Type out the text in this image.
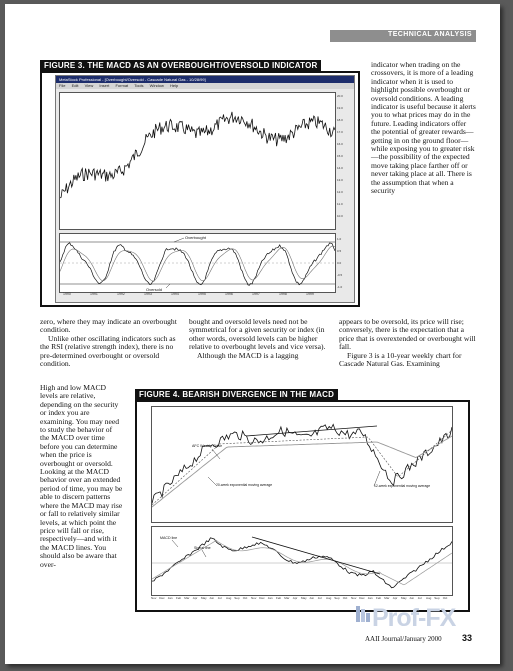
TECHNICAL ANALYSIS
FIGURE 3. THE MACD AS AN OVERBOUGHT/OVERSOLD INDICATOR
MetaStock Professional - [Overbought/Oversold - Cascade Natural Gas - 10/28/99]
File Edit View Insert Format Tools Window Help
20.0
19.0
18.0
17.0
16.0
15.0
14.0
13.0
12.0
11.0
10.0
Overbought
Oversold
1.0
0.5
0.0
-0.5
-1.0
1990	1991	1992	1993	1994	1995	1996	1997	1998	1999

indicator when trading on the crossovers, it is more of a leading indicator when it is used to highlight possible overbought or oversold conditions. A leading indicator is useful because it alerts you to what prices may do in the future. Leading indicators offer the potential of greater rewards—getting in on the ground floor—while exposing you to greater risk—the possibility of the expected move taking place farther off or never taking place at all. There is the assumption that when a security

zero, where they may indicate an overbought condition.

Unlike other oscillating indicators such as the RSI (relative strength index), there is no pre-determined overbought or oversold condition.

High and low MACD levels are relative, depending on the security or index you are examining. You may need to study the behavior of the MACD over time before you can determine when the price is overbought or oversold. Looking at the MACD behavior over an extended period of time, you may be able to discern patterns where the MACD may rise or fall to relatively similar levels, at which point the price will fall or rise, respectively—and with it the MACD lines. You should also be aware that over-

bought and oversold levels need not be symmetrical for a given security or index (in other words, oversold levels can be higher relative to overbought levels and vice versa).

Although the MACD is a lagging

appears to be oversold, its price will rise; conversely, there is the expectation that a price that is overextended or overbought will fall.

Figure 3 is a 10-year weekly chart for Cascade Natural Gas. Examining

FIGURE 4. BEARISH DIVERGENCE IN THE MACD
AFC Weekly Close
20-week exponential moving average	12-week exponential moving average
MACD line
Signal line
Nov Dec Jan Feb Mar Apr May Jun Jul Aug Sep Oct Nov Dec Jan Feb Mar Apr May Jun Jul Aug Sep Oct Nov Dec Jan Feb Mar Apr May Jun Jul Aug Sep Oct
AAII Journal/January 2000 33
Prof-FX
